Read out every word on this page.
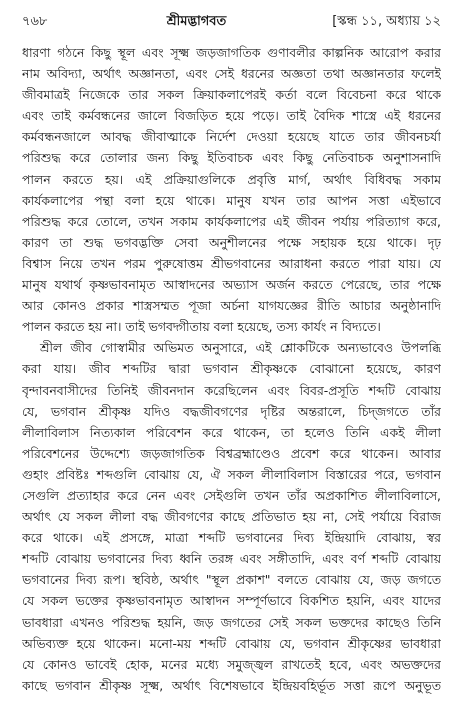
৭৬৮	শ্রীমদ্ভাগবত	[স্কন্ধ ১১, অধ্যায় ১২
ধারণা গঠনে কিছু স্থূল এবং সূক্ষ্ম জড়জাগতিক গুণাবলীর কাল্পনিক আরোপ করার
নাম অবিদ্যা, অর্থাৎ অজ্ঞানতা, এবং সেই ধরনের অজ্ঞতা তথা অজ্ঞানতার ফলেই
জীবমাত্রই নিজেকে তার সকল ক্রিয়াকলাপেরই কর্তা বলে বিবেচনা করে থাকে
এবং তাই কর্মবন্ধনের জালে বিজড়িত হয়ে পড়ে। তাই বৈদিক শাস্ত্রে এই ধরনের
কর্মবন্ধনজালে আবদ্ধ জীবাত্মাকে নির্দেশ দেওয়া হয়েছে যাতে তার জীবনচর্যা
পরিশুদ্ধ করে তোলার জন্য কিছু ইতিবাচক এবং কিছু নেতিবাচক অনুশাসনাদি
পালন করতে হয়। এই প্রক্রিয়াগুলিকে প্রবৃত্তি মার্গ, অর্থাৎ বিধিবদ্ধ সকাম
কার্যকলাপের পন্থা বলা হয়ে থাকে। মানুষ যখন তার আপন সত্তা এইভাবে
পরিশুদ্ধ করে তোলে, তখন সকাম কার্যকলাপের এই জীবন পর্যায় পরিত্যাগ করে,
কারণ তা শুদ্ধ ভগবদ্ভক্তি সেবা অনুশীলনের পক্ষে সহায়ক হয়ে থাকে। দৃঢ়
বিশ্বাস নিয়ে তখন পরম পুরুষোত্তম শ্রীভগবানের আরাধনা করতে পারা যায়। যে
মানুষ যথার্থ কৃষ্ণভাবনামৃত আস্বাদনের অভ্যাস অর্জন করতে পেরেছে, তার পক্ষে
আর কোনও প্রকার শাস্ত্রসম্মত পূজা অর্চনা যাগযজ্ঞের রীতি আচার অনুষ্ঠানাদি
পালন করতে হয় না। তাই ভগবদ্গীতায় বলা হয়েছে, তস্য কার্যং ন বিদ্যতে।
শ্রীল জীব গোস্বামীর অভিমত অনুসারে, এই শ্লোকটিকে অন্যভাবেও উপলব্ধি
করা যায়। জীব শব্দটির দ্বারা ভগবান শ্রীকৃষ্ণকে বোঝানো হয়েছে, কারণ
বৃন্দাবনবাসীদের তিনিই জীবনদান করেছিলেন এবং বিবর-প্রসূতি শব্দটি বোঝায়
যে, ভগবান শ্রীকৃষ্ণ যদিও বদ্ধজীবগণের দৃষ্টির অন্তরালে, চিদ্জগতে তাঁর
লীলাবিলাস নিত্যকাল পরিবেশন করে থাকেন, তা হলেও তিনি একই লীলা
পরিবেশনের উদ্দেশ্যে জড়জাগতিক বিশ্বব্রহ্মাণ্ডেও প্রবেশ করে থাকেন। আবার
গুহাং প্রবিষ্টঃ শব্দগুলি বোঝায় যে, ঐ সকল লীলাবিলাস বিস্তারের পরে, ভগবান
সেগুলি প্রত্যাহার করে নেন এবং সেইগুলি তখন তাঁর অপ্রকাশিত লীলাবিলাসে,
অর্থাৎ যে সকল লীলা বদ্ধ জীবগণের কাছে প্রতিভাত হয় না, সেই পর্যায়ে বিরাজ
করে থাকে। এই প্রসঙ্গে, মাত্রা শব্দটি ভগবানের দিব্য ইন্দ্রিয়াদি বোঝায়, স্বর
শব্দটি বোঝায় ভগবানের দিব্য ধ্বনি তরঙ্গ এবং সঙ্গীতাদি, এবং বর্ণ শব্দটি বোঝায়
ভগবানের দিব্য রূপ। স্থবিষ্ঠ, অর্থাৎ "স্থূল প্রকাশ" বলতে বোঝায় যে, জড় জগতে
যে সকল ভক্তের কৃষ্ণভাবনামৃত আস্বাদন সম্পূর্ণভাবে বিকশিত হয়নি, এবং যাদের
ভাবধারা এখনও পরিশুদ্ধ হয়নি, জড় জগতের সেই সকল ভক্তদের কাছেও তিনি
অভিব্যক্ত হয়ে থাকেন। মনো-ময় শব্দটি বোঝায় যে, ভগবান শ্রীকৃষ্ণের ভাবধারা
যে কোনও ভাবেই হোক, মনের মধ্যে সমুজ্জ্বল রাখতেই হবে, এবং অভক্তদের
কাছে ভগবান শ্রীকৃষ্ণ সূক্ষ্ম, অর্থাৎ বিশেষভাবে ইন্দ্রিয়বহির্ভূত সত্তা রূপে অনুভূত
